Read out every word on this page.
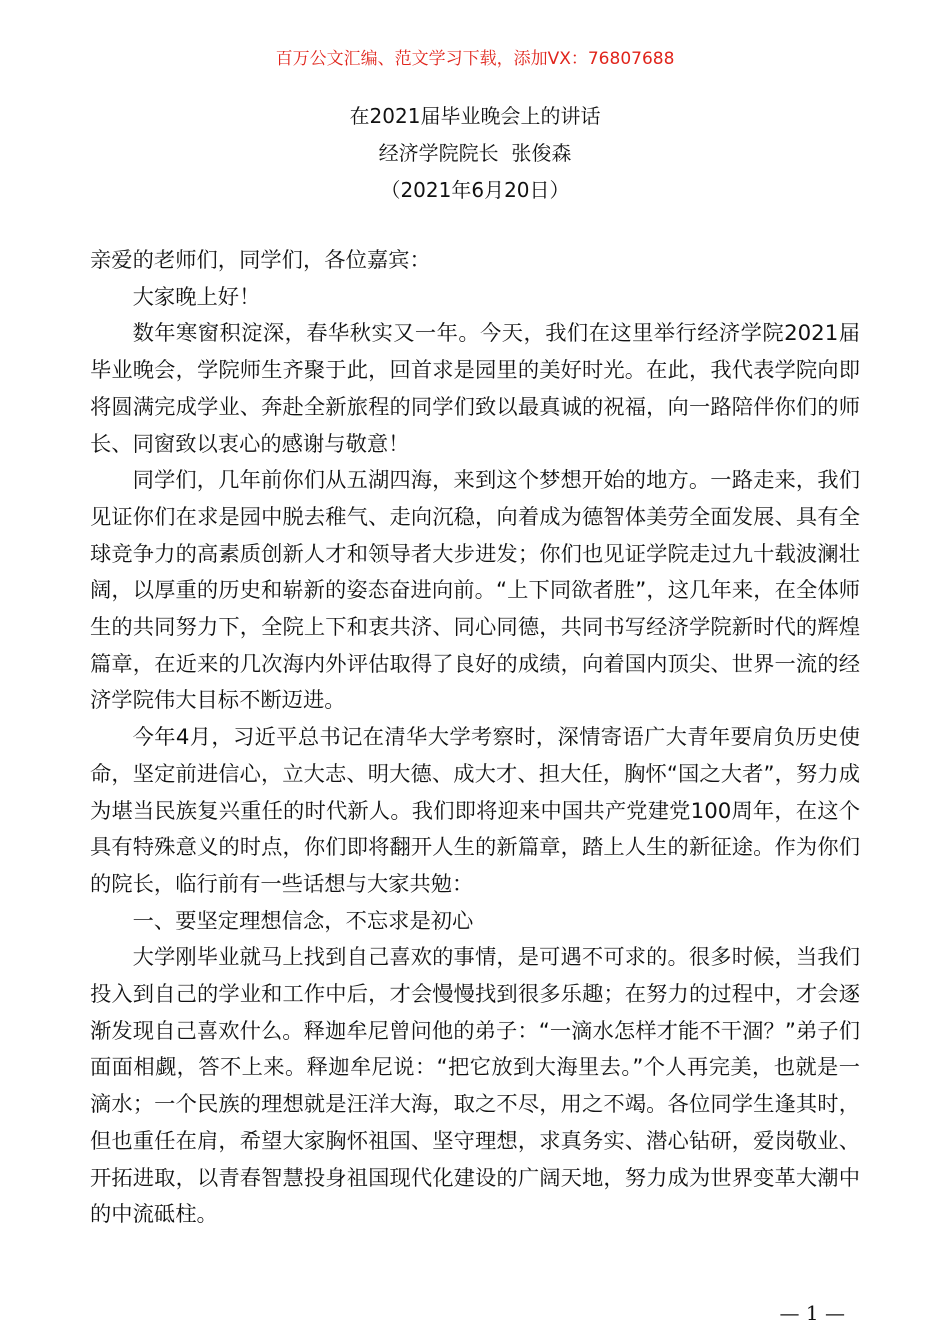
百万公文汇编、范文学习下载，添加VX：76807688
在2021届毕业晚会上的讲话
经济学院院长  张俊森
（2021年6月20日）

亲爱的老师们，同学们，各位嘉宾：

大家晚上好！

数年寒窗积淀深，春华秋实又一年。今天，我们在这里举行经济学院2021届毕业晚会，学院师生齐聚于此，回首求是园里的美好时光。在此，我代表学院向即将圆满完成学业、奔赴全新旅程的同学们致以最真诚的祝福，向一路陪伴你们的师长、同窗致以衷心的感谢与敬意！

同学们，几年前你们从五湖四海，来到这个梦想开始的地方。一路走来，我们见证你们在求是园中脱去稚气、走向沉稳，向着成为德智体美劳全面发展、具有全球竞争力的高素质创新人才和领导者大步进发；你们也见证学院走过九十载波澜壮阔，以厚重的历史和崭新的姿态奋进向前。“上下同欲者胜”，这几年来，在全体师生的共同努力下，全院上下和衷共济、同心同德，共同书写经济学院新时代的辉煌篇章，在近来的几次海内外评估取得了良好的成绩，向着国内顶尖、世界一流的经济学院伟大目标不断迈进。

今年4月，习近平总书记在清华大学考察时，深情寄语广大青年要肩负历史使命，坚定前进信心，立大志、明大德、成大才、担大任，胸怀“国之大者”，努力成为堪当民族复兴重任的时代新人。我们即将迎来中国共产党建党100周年，在这个具有特殊意义的时点，你们即将翻开人生的新篇章，踏上人生的新征途。作为你们的院长，临行前有一些话想与大家共勉：

一、要坚定理想信念，不忘求是初心

大学刚毕业就马上找到自己喜欢的事情，是可遇不可求的。很多时候，当我们投入到自己的学业和工作中后，才会慢慢找到很多乐趣；在努力的过程中，才会逐渐发现自己喜欢什么。释迦牟尼曾问他的弟子：“一滴水怎样才能不干涸？”弟子们面面相觑，答不上来。释迦牟尼说：“把它放到大海里去。”个人再完美，也就是一滴水；一个民族的理想就是汪洋大海，取之不尽，用之不竭。各位同学生逢其时，但也重任在肩，希望大家胸怀祖国、坚守理想，求真务实、潜心钻研，爱岗敬业、开拓进取，以青春智慧投身祖国现代化建设的广阔天地，努力成为世界变革大潮中的中流砥柱。

— 1 —
